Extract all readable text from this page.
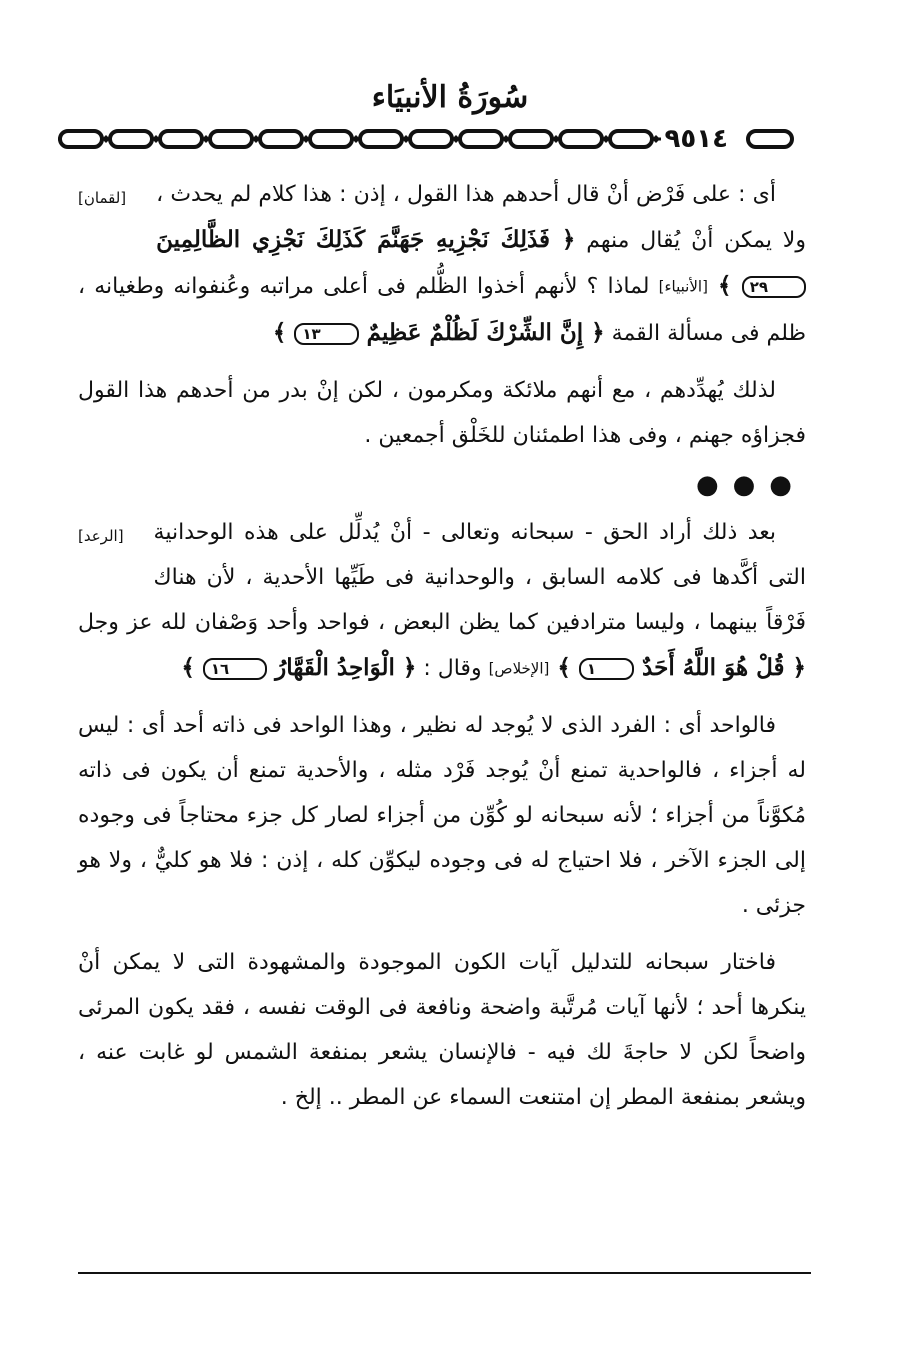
سُورَةُ الأنبيَاء
٩٥١٤

[لقمان]	أى : على فَرْض أنْ قال أحدهم هذا القول ، إذن : هذا كلام لم يحدث ، ولا يمكن أنْ يُقال منهم ﴿ فَذَلِكَ نَجْزِيهِ جَهَنَّمَ كَذَلِكَ نَجْزِي الظَّالِمِينَ ٢٩ ﴾ [الأنبياء] لماذا ؟ لأنهم أخذوا الظُّلم فى أعلى مراتبه وعُنفوانه وطغيانه ، ظلم فى مسألة القمة ﴿ إِنَّ الشِّرْكَ لَظُلْمٌ عَظِيمٌ ١٣ ﴾

لذلك يُهدِّدهم ، مع أنهم ملائكة ومكرمون ، لكن إنْ بدر من أحدهم هذا القول فجزاؤه جهنم ، وفى هذا اطمئنان للخَلْق أجمعين .

●●●

[الرعد]	بعد ذلك أراد الحق - سبحانه وتعالى - أنْ يُدلِّل على هذه الوحدانية التى أكَّدها فى كلامه السابق ، والوحدانية فى طَيِّها الأحدية ، لأن هناك فَرْقاً بينهما ، وليسا مترادفين كما يظن البعض ، فواحد وأحد وَصْفان لله عز وجل ﴿ قُلْ هُوَ اللَّهُ أَحَدٌ ١ ﴾ [الإخلاص] وقال : ﴿ الْوَاحِدُ الْقَهَّارُ ١٦ ﴾

فالواحد أى : الفرد الذى لا يُوجد له نظير ، وهذا الواحد فى ذاته أحد أى : ليس له أجزاء ، فالواحدية تمنع أنْ يُوجد فَرْد مثله ، والأحدية تمنع أن يكون فى ذاته مُكوَّناً من أجزاء ؛ لأنه سبحانه لو كُوِّن من أجزاء لصار كل جزء محتاجاً فى وجوده إلى الجزء الآخر ، فلا احتياج له فى وجوده ليكوِّن كله ، إذن : فلا هو كليٌّ ، ولا هو جزئى .

فاختار سبحانه للتدليل آيات الكون الموجودة والمشهودة التى لا يمكن أنْ ينكرها أحد ؛ لأنها آيات مُرتَّبة واضحة ونافعة فى الوقت نفسه ، فقد يكون المرئى واضحاً لكن لا حاجةَ لك فيه - فالإنسان يشعر بمنفعة الشمس لو غابت عنه ، ويشعر بمنفعة المطر إن امتنعت السماء عن المطر .. إلخ .
